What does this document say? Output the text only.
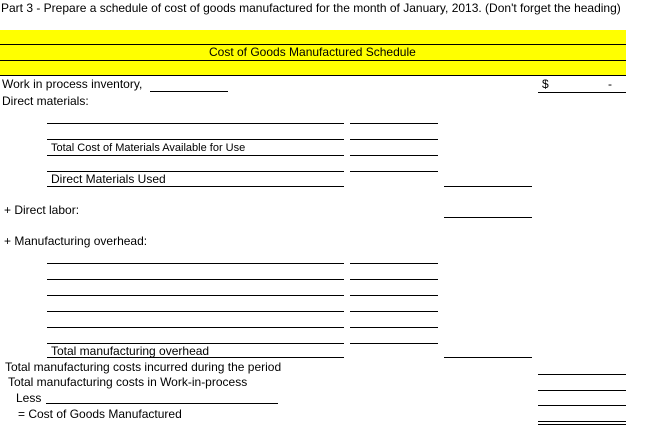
Part 3 - Prepare a schedule of cost of goods manufactured for the month of January, 2013. (Don't forget the heading)
Cost of Goods Manufactured Schedule
Work in process inventory,	$	-
Direct materials:
Total Cost of Materials Available for Use
Direct Materials Used
+ Direct labor:
+ Manufacturing overhead:
Total manufacturing overhead
Total manufacturing costs incurred during the period
Total manufacturing costs in Work-in-process
Less
= Cost of Goods Manufactured
